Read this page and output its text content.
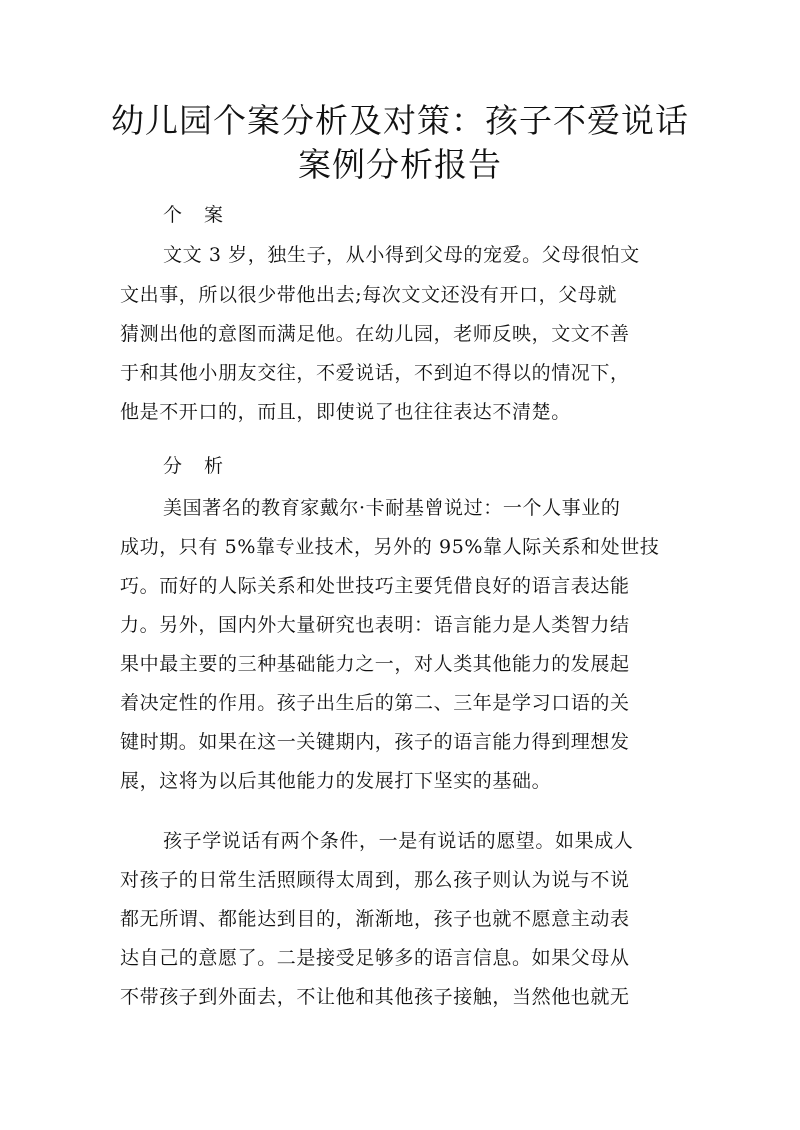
幼儿园个案分析及对策：孩子不爱说话
案例分析报告
个 案
文文 3 岁，独生子，从小得到父母的宠爱。父母很怕文
文出事，所以很少带他出去;每次文文还没有开口，父母就
猜测出他的意图而满足他。在幼儿园，老师反映，文文不善
于和其他小朋友交往，不爱说话，不到迫不得以的情况下，
他是不开口的，而且，即使说了也往往表达不清楚。
分 析
美国著名的教育家戴尔·卡耐基曾说过：一个人事业的
成功，只有 5%靠专业技术，另外的 95%靠人际关系和处世技
巧。而好的人际关系和处世技巧主要凭借良好的语言表达能
力。另外，国内外大量研究也表明：语言能力是人类智力结
果中最主要的三种基础能力之一，对人类其他能力的发展起
着决定性的作用。孩子出生后的第二、三年是学习口语的关
键时期。如果在这一关键期内，孩子的语言能力得到理想发
展，这将为以后其他能力的发展打下坚实的基础。
孩子学说话有两个条件，一是有说话的愿望。如果成人
对孩子的日常生活照顾得太周到，那么孩子则认为说与不说
都无所谓、都能达到目的，渐渐地，孩子也就不愿意主动表
达自己的意愿了。二是接受足够多的语言信息。如果父母从
不带孩子到外面去，不让他和其他孩子接触，当然他也就无
